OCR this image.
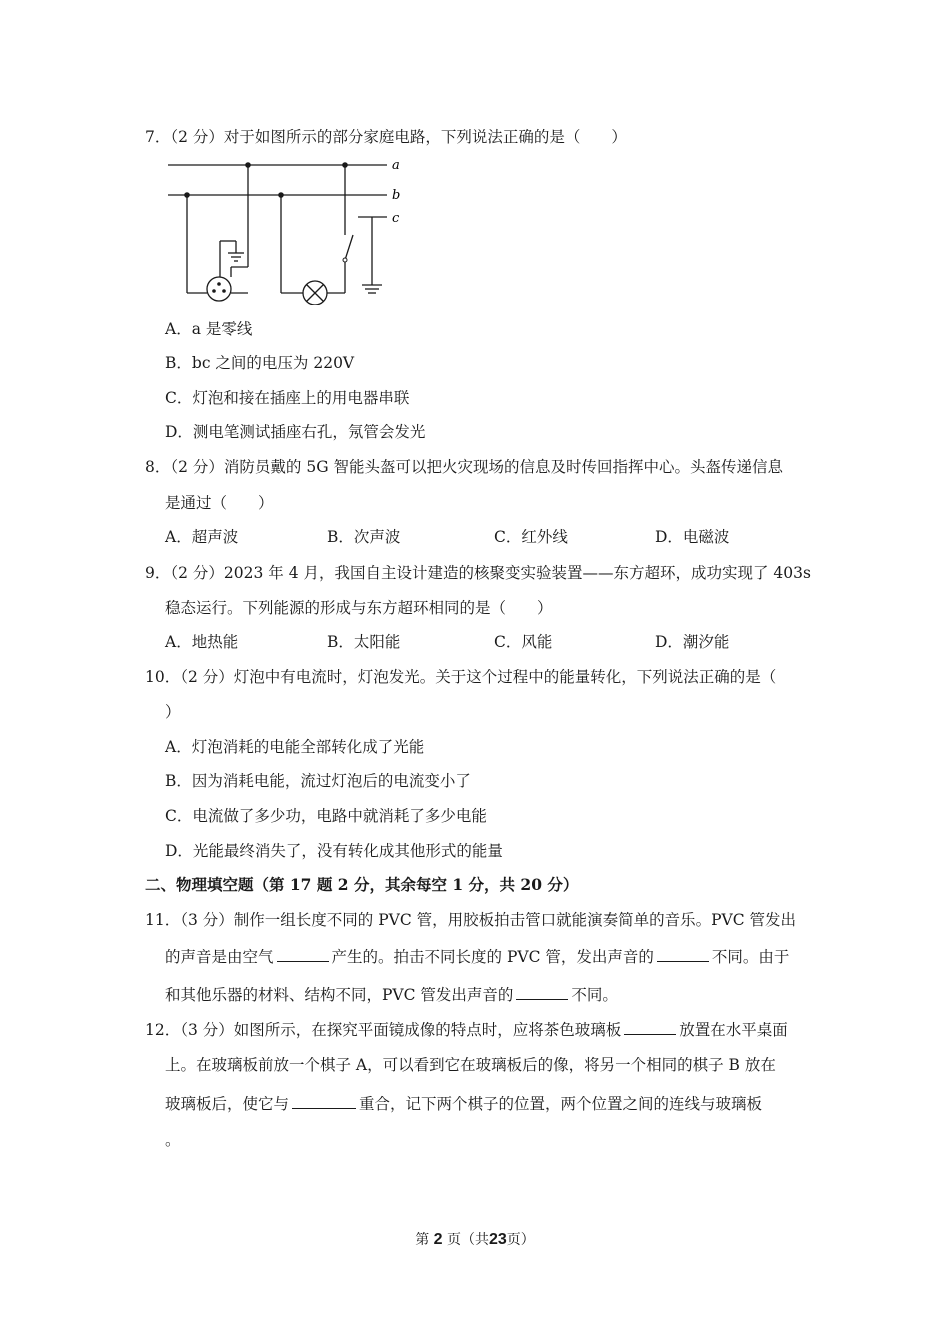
7．（2 分）对于如图所示的部分家庭电路，下列说法正确的是（　　）
a
b
c
A．a 是零线
B．bc 之间的电压为 220V
C．灯泡和接在插座上的用电器串联
D．测电笔测试插座右孔，氖管会发光
8．（2 分）消防员戴的 5G 智能头盔可以把火灾现场的信息及时传回指挥中心。头盔传递信息
是通过（　　）
A．超声波	B．次声波	C．红外线	D．电磁波
9．（2 分）2023 年 4 月，我国自主设计建造的核聚变实验装置——东方超环，成功实现了 403s
稳态运行。下列能源的形成与东方超环相同的是（　　）
A．地热能	B．太阳能	C．风能	D．潮汐能
10．（2 分）灯泡中有电流时，灯泡发光。关于这个过程中的能量转化，下列说法正确的是（
）
A．灯泡消耗的电能全部转化成了光能
B．因为消耗电能，流过灯泡后的电流变小了
C．电流做了多少功，电路中就消耗了多少电能
D．光能最终消失了，没有转化成其他形式的能量
二、物理填空题（第 17 题 2 分，其余每空 1 分，共 20 分）
11．（3 分）制作一组长度不同的 PVC 管，用胶板拍击管口就能演奏简单的音乐。PVC 管发出
的声音是由空气	产生的。拍击不同长度的 PVC 管，发出声音的	不同。由于
和其他乐器的材料、结构不同，PVC 管发出声音的	不同。
12．（3 分）如图所示，在探究平面镜成像的特点时，应将茶色玻璃板	放置在水平桌面
上。在玻璃板前放一个棋子 A，可以看到它在玻璃板后的像，将另一个相同的棋子 B 放在
玻璃板后，使它与	重合，记下两个棋子的位置，两个位置之间的连线与玻璃板
。
第 2 页（共23页）
